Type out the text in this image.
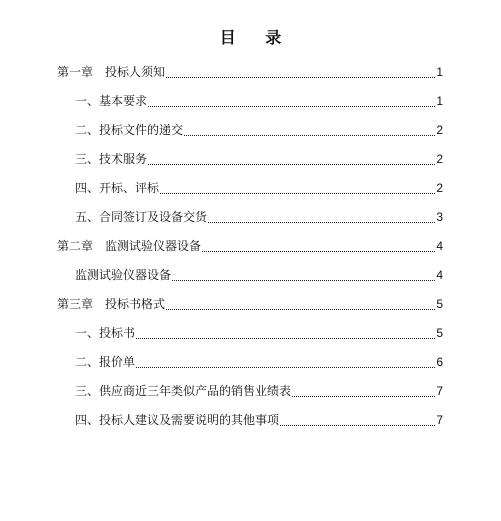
目 录
第一章　投标人须知	1
一、基本要求	1
二、投标文件的递交	2
三、技术服务	2
四、开标、评标	2
五、合同签订及设备交货	3
第二章　监测试验仪器设备	4
监测试验仪器设备	4
第三章　投标书格式	5
一、投标书	5
二、报价单	6
三、供应商近三年类似产品的销售业绩表	7
四、投标人建议及需要说明的其他事项	7
